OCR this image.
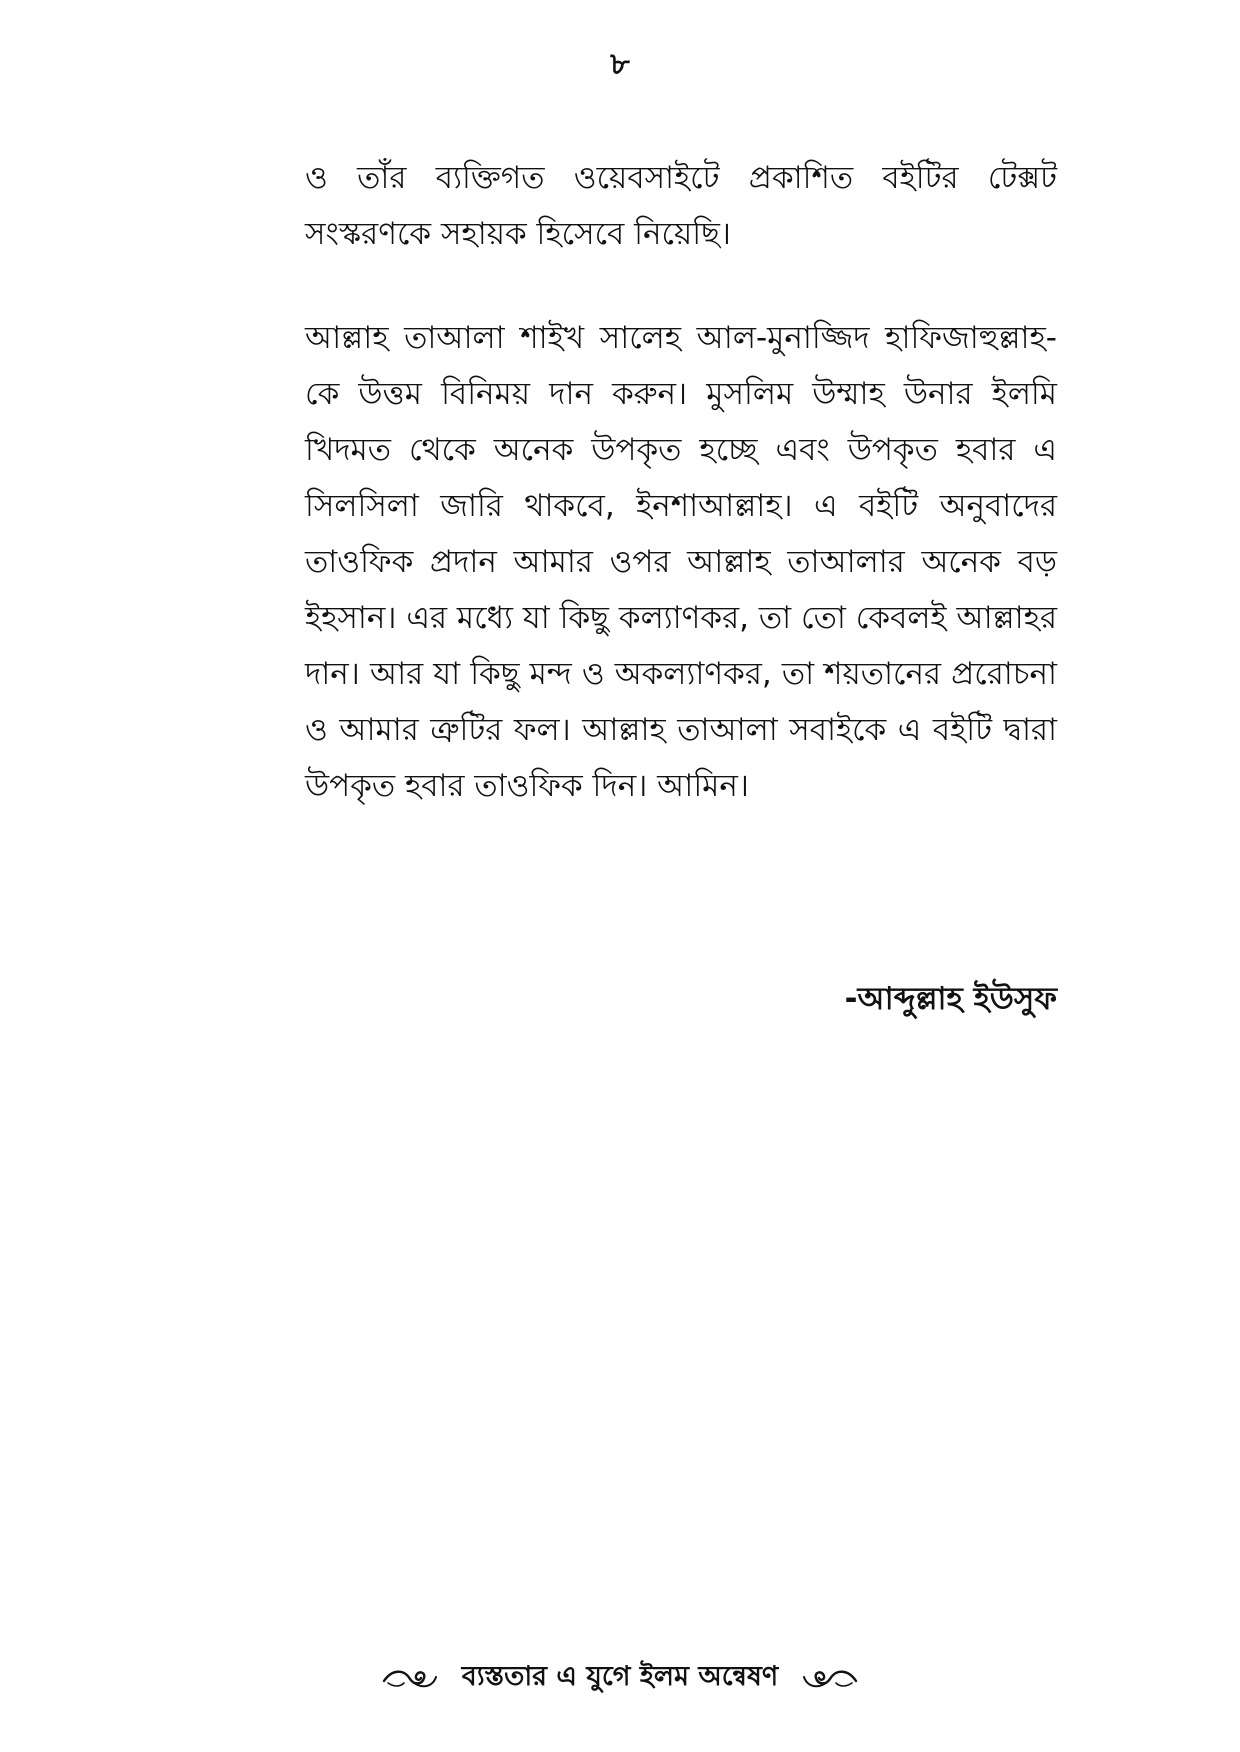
৮

ও তাঁর ব্যক্তিগত ওয়েবসাইটে প্রকাশিত বইটির টেক্সট সংস্করণকে সহায়ক হিসেবে নিয়েছি।

আল্লাহ তাআলা শাইখ সালেহ আল-মুনাজ্জিদ হাফিজাহুল্লাহ-কে উত্তম বিনিময় দান করুন। মুসলিম উম্মাহ উনার ইলমি খিদমত থেকে অনেক উপকৃত হচ্ছে এবং উপকৃত হবার এ সিলসিলা জারি থাকবে, ইনশাআল্লাহ। এ বইটি অনুবাদের তাওফিক প্রদান আমার ওপর আল্লাহ তাআলার অনেক বড় ইহসান। এর মধ্যে যা কিছু কল্যাণকর, তা তো কেবলই আল্লাহর দান। আর যা কিছু মন্দ ও অকল্যাণকর, তা শয়তানের প্ররোচনা ও আমার ত্রুটির ফল। আল্লাহ তাআলা সবাইকে এ বইটি দ্বারা উপকৃত হবার তাওফিক দিন। আমিন।

-আব্দুল্লাহ ইউসুফ
ব্যস্ততার এ যুগে ইলম অন্বেষণ
